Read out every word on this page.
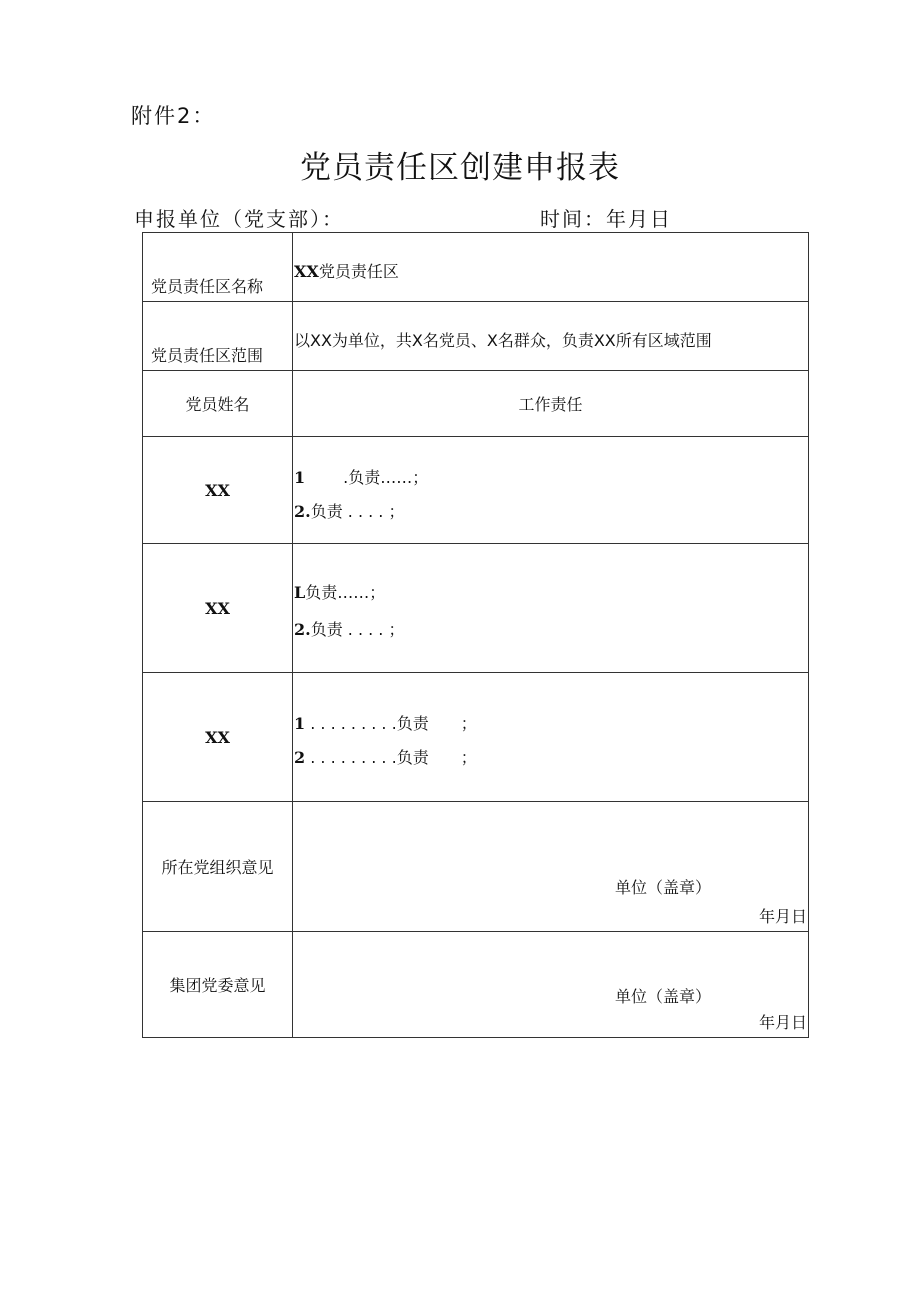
附件2：
党员责任区创建申报表
申报单位（党支部）：	时间：年月日
党员责任区名称	XX党员责任区

党员责任区范围	以XX为单位，共X名党员、X名群众，负责XX所有区域范围

党员姓名	工作责任
XX	1 .负责……；
2.负责 . . . . ；

XX	L负责……；
2.负责 . . . . ；

XX	1 . . . . . . . . .负责　　；
2 . . . . . . . . .负责　　；

所在党组织意见	单位（盖章）
年月日

集团党委意见	单位（盖章）
年月日
